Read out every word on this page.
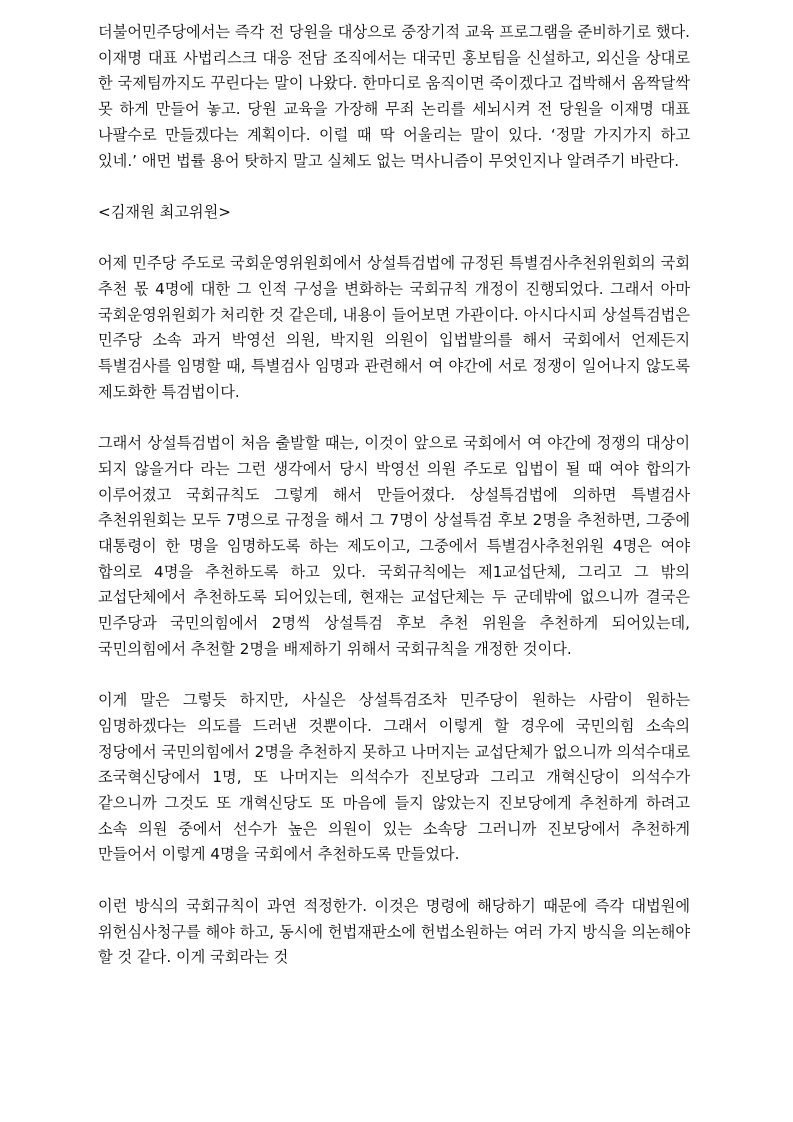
더불어민주당에서는 즉각 전 당원을 대상으로 중장기적 교육 프로그램을 준비하기로 했다. 이재명 대표 사법리스크 대응 전담 조직에서는 대국민 홍보팀을 신설하고, 외신을 상대로 한 국제팀까지도 꾸린다는 말이 나왔다. 한마디로 움직이면 죽이겠다고 겁박해서 옴짝달싹 못 하게 만들어 놓고. 당원 교육을 가장해 무죄 논리를 세뇌시켜 전 당원을 이재명 대표 나팔수로 만들겠다는 계획이다. 이럴 때 딱 어울리는 말이 있다. ‘정말 가지가지 하고 있네.’ 애먼 법률 용어 탓하지 말고 실체도 없는 먹사니즘이 무엇인지나 알려주기 바란다.

<김재원 최고위원>

어제 민주당 주도로 국회운영위원회에서 상설특검법에 규정된 특별검사추천위원회의 국회 추천 몫 4명에 대한 그 인적 구성을 변화하는 국회규칙 개정이 진행되었다. 그래서 아마 국회운영위원회가 처리한 것 같은데, 내용이 들어보면 가관이다. 아시다시피 상설특검법은 민주당 소속 과거 박영선 의원, 박지원 의원이 입법발의를 해서 국회에서 언제든지 특별검사를 임명할 때, 특별검사 임명과 관련해서 여 야간에 서로 정쟁이 일어나지 않도록 제도화한 특검법이다.

그래서 상설특검법이 처음 출발할 때는, 이것이 앞으로 국회에서 여 야간에 정쟁의 대상이 되지 않을거다 라는 그런 생각에서 당시 박영선 의원 주도로 입법이 될 때 여야 합의가 이루어졌고 국회규칙도 그렇게 해서 만들어졌다. 상설특검법에 의하면 특별검사 추천위원회는 모두 7명으로 규정을 해서 그 7명이 상설특검 후보 2명을 추천하면, 그중에 대통령이 한 명을 임명하도록 하는 제도이고, 그중에서 특별검사추천위원 4명은 여야 합의로 4명을 추천하도록 하고 있다. 국회규칙에는 제1교섭단체, 그리고 그 밖의 교섭단체에서 추천하도록 되어있는데, 현재는 교섭단체는 두 군데밖에 없으니까 결국은 민주당과 국민의힘에서 2명씩 상설특검 후보 추천 위원을 추천하게 되어있는데, 국민의힘에서 추천할 2명을 배제하기 위해서 국회규칙을 개정한 것이다.

이게 말은 그렇듯 하지만, 사실은 상설특검조차 민주당이 원하는 사람이 원하는 임명하겠다는 의도를 드러낸 것뿐이다. 그래서 이렇게 할 경우에 국민의힘 소속의 정당에서 국민의힘에서 2명을 추천하지 못하고 나머지는 교섭단체가 없으니까 의석수대로 조국혁신당에서 1명, 또 나머지는 의석수가 진보당과 그리고 개혁신당이 의석수가 같으니까 그것도 또 개혁신당도 또 마음에 들지 않았는지 진보당에게 추천하게 하려고 소속 의원 중에서 선수가 높은 의원이 있는 소속당 그러니까 진보당에서 추천하게 만들어서 이렇게 4명을 국회에서 추천하도록 만들었다.

이런 방식의 국회규칙이 과연 적정한가. 이것은 명령에 해당하기 때문에 즉각 대법원에 위헌심사청구를 해야 하고, 동시에 헌법재판소에 헌법소원하는 여러 가지 방식을 의논해야 할 것 같다. 이게 국회라는 것
